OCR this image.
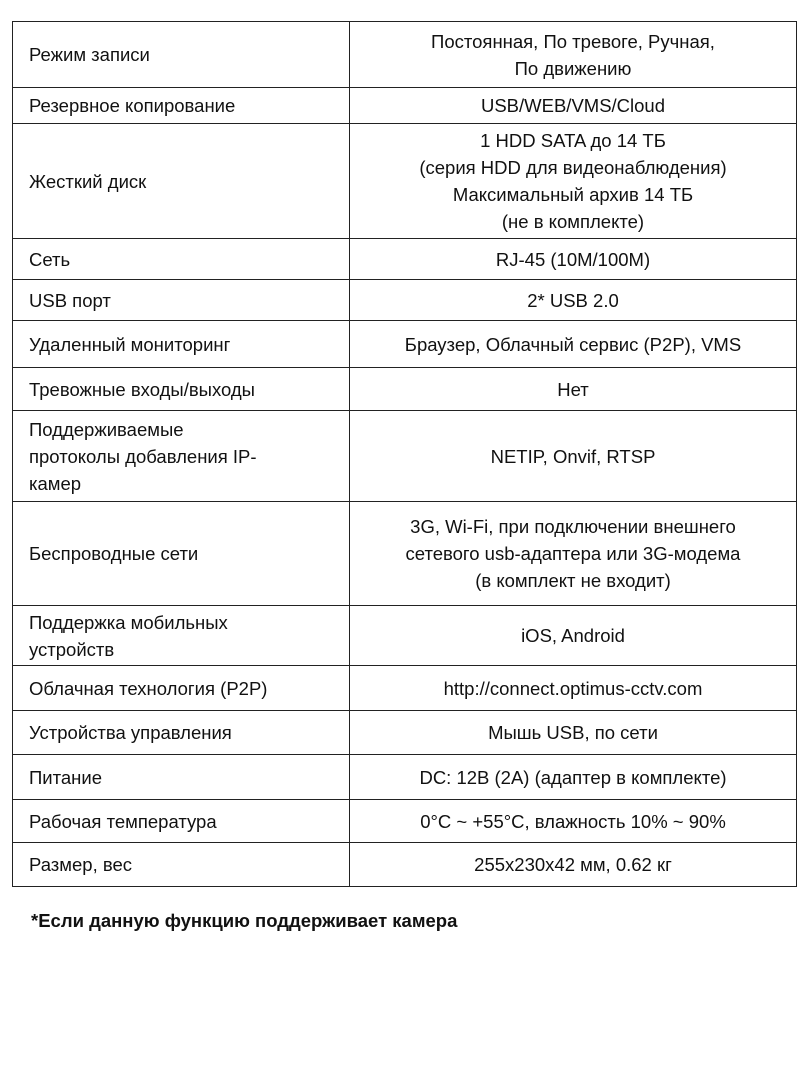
Режим записи	Постоянная, По тревоге, Ручная,
По движению

Резервное копирование	USB/WEB/VMS/Cloud

Жесткий диск	1 HDD SATA до 14 ТБ
(серия HDD для видеонаблюдения)
Максимальный архив 14 ТБ
(не в комплекте)

Сеть	RJ-45 (10M/100M)

USB порт	2* USB 2.0

Удаленный мониторинг	Браузер, Облачный сервис (P2P), VMS

Тревожные входы/выходы	Нет

Поддерживаемые
протоколы добавления IP-
камер	NETIP, Onvif, RTSP

Беспроводные сети	3G, Wi-Fi, при подключении внешнего
сетевого usb-адаптера или 3G-модема
(в комплект не входит)

Поддержка мобильных
устройств	iOS, Android

Облачная технология (P2P)	http://connect.optimus-cctv.com

Устройства управления	Мышь USB, по сети

Питание	DC: 12В (2А) (адаптер в комплекте)

Рабочая температура	0°C ~ +55°C, влажность 10% ~ 90%

Размер, вес	255x230x42 мм, 0.62 кг
*Если данную функцию поддерживает камера
